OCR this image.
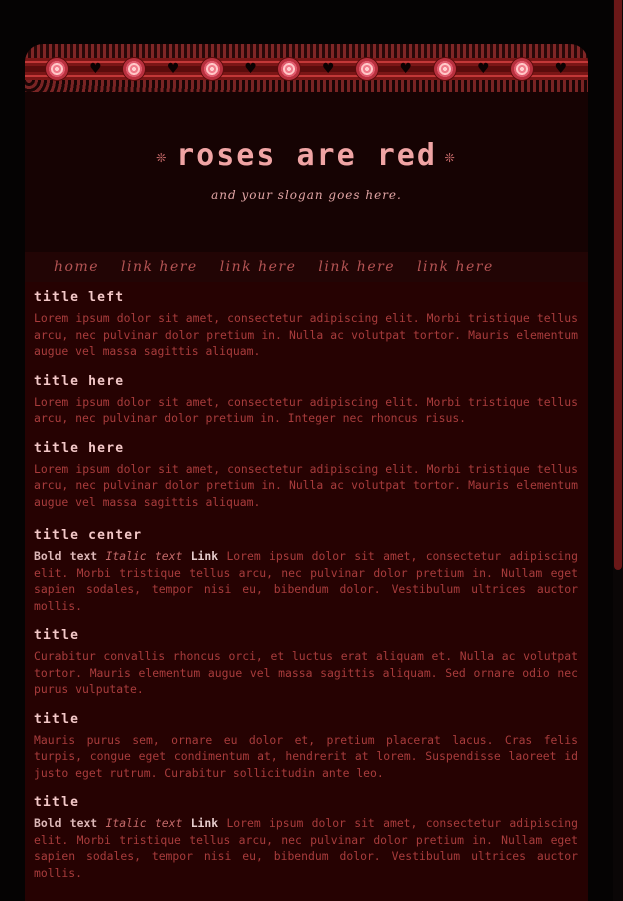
♥	♥	♥	♥	♥	♥	♥
❊ roses are red ❊
and your slogan goes here.
home link here link here link here link here
title left
Lorem ipsum dolor sit amet, consectetur adipiscing elit. Morbi tristique tellus arcu, nec pulvinar dolor pretium in. Nulla ac volutpat tortor. Mauris elementum augue vel massa sagittis aliquam.
title here
Lorem ipsum dolor sit amet, consectetur adipiscing elit. Morbi tristique tellus arcu, nec pulvinar dolor pretium in. Integer nec rhoncus risus.
title here
Lorem ipsum dolor sit amet, consectetur adipiscing elit. Morbi tristique tellus arcu, nec pulvinar dolor pretium in. Nulla ac volutpat tortor. Mauris elementum augue vel massa sagittis aliquam.
title center
Bold text Italic text Link Lorem ipsum dolor sit amet, consectetur adipiscing elit. Morbi tristique tellus arcu, nec pulvinar dolor pretium in. Nullam eget sapien sodales, tempor nisi eu, bibendum dolor. Vestibulum ultrices auctor mollis.
title
Curabitur convallis rhoncus orci, et luctus erat aliquam et. Nulla ac volutpat tortor. Mauris elementum augue vel massa sagittis aliquam. Sed ornare odio nec purus vulputate.
title
Mauris purus sem, ornare eu dolor et, pretium placerat lacus. Cras felis turpis, congue eget condimentum at, hendrerit at lorem. Suspendisse laoreet id justo eget rutrum. Curabitur sollicitudin ante leo.
title
Bold text Italic text Link Lorem ipsum dolor sit amet, consectetur adipiscing elit. Morbi tristique tellus arcu, nec pulvinar dolor pretium in. Nullam eget sapien sodales, tempor nisi eu, bibendum dolor. Vestibulum ultrices auctor mollis.
